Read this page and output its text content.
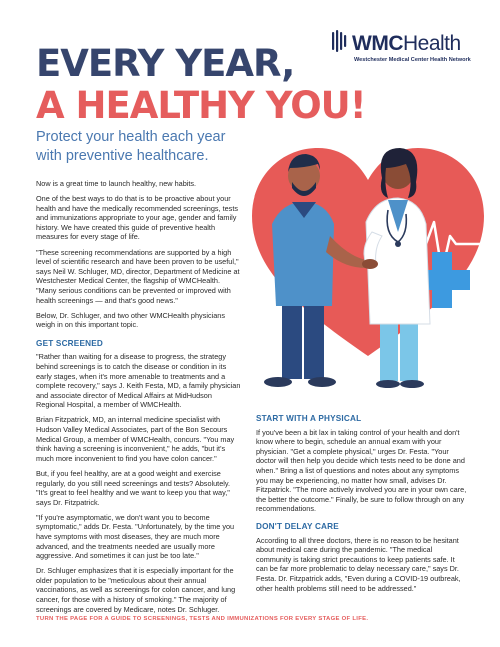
WMCHealth
Westchester Medical Center Health Network
EVERY YEAR,
A HEALTHY YOU!

Protect your health each year with preventive healthcare.

Now is a great time to launch healthy, new habits.

One of the best ways to do that is to be proactive about your health and have the medically recommended screenings, tests and immunizations appropriate to your age, gender and family history. We have created this guide of preventive health measures for every stage of life.

"These screening recommendations are supported by a high level of scientific research and have been proven to be useful," says Neil W. Schluger, MD, director, Department of Medicine at Westchester Medical Center, the flagship of WMCHealth. "Many serious conditions can be prevented or improved with health screenings — and that's good news."

Below, Dr. Schluger, and two other WMCHealth physicians weigh in on this important topic.

GET SCREENED

"Rather than waiting for a disease to progress, the strategy behind screenings is to catch the disease or condition in its early stages, when it's more amenable to treatments and a complete recovery," says J. Keith Festa, MD, a family physician and associate director of Medical Affairs at MidHudson Regional Hospital, a member of WMCHealth.

Brian Fitzpatrick, MD, an internal medicine specialist with Hudson Valley Medical Associates, part of the Bon Secours Medical Group, a member of WMCHealth, concurs. "You may think having a screening is inconvenient," he adds, "but it's much more inconvenient to find you have colon cancer."

But, if you feel healthy, are at a good weight and exercise regularly, do you still need screenings and tests? Absolutely. "It's great to feel healthy and we want to keep you that way," says Dr. Fitzpatrick.

"If you're asymptomatic, we don't want you to become symptomatic," adds Dr. Festa. "Unfortunately, by the time you have symptoms with most diseases, they are much more advanced, and the treatments needed are usually more aggressive. And sometimes it can just be too late."

Dr. Schluger emphasizes that it is especially important for the older population to be "meticulous about their annual vaccinations, as well as screenings for colon cancer, and lung cancer, for those with a history of smoking." The majority of screenings are covered by Medicare, notes Dr. Schluger.

START WITH A PHYSICAL

If you've been a bit lax in taking control of your health and don't know where to begin, schedule an annual exam with your physician. "Get a complete physical," urges Dr. Festa. "Your doctor will then help you decide which tests need to be done and when." Bring a list of questions and notes about any symptoms you may be experiencing, no matter how small, advises Dr. Fitzpatrick. "The more actively involved you are in your own care, the better the outcome." Finally, be sure to follow through on any recommendations.

DON'T DELAY CARE

According to all three doctors, there is no reason to be hesitant about medical care during the pandemic. "The medical community is taking strict precautions to keep patients safe. It can be far more problematic to delay necessary care," says Dr. Festa. Dr. Fitzpatrick adds, "Even during a COVID-19 outbreak, other health problems still need to be addressed."

TURN THE PAGE FOR A GUIDE TO SCREENINGS, TESTS AND IMMUNIZATIONS FOR EVERY STAGE OF LIFE.
